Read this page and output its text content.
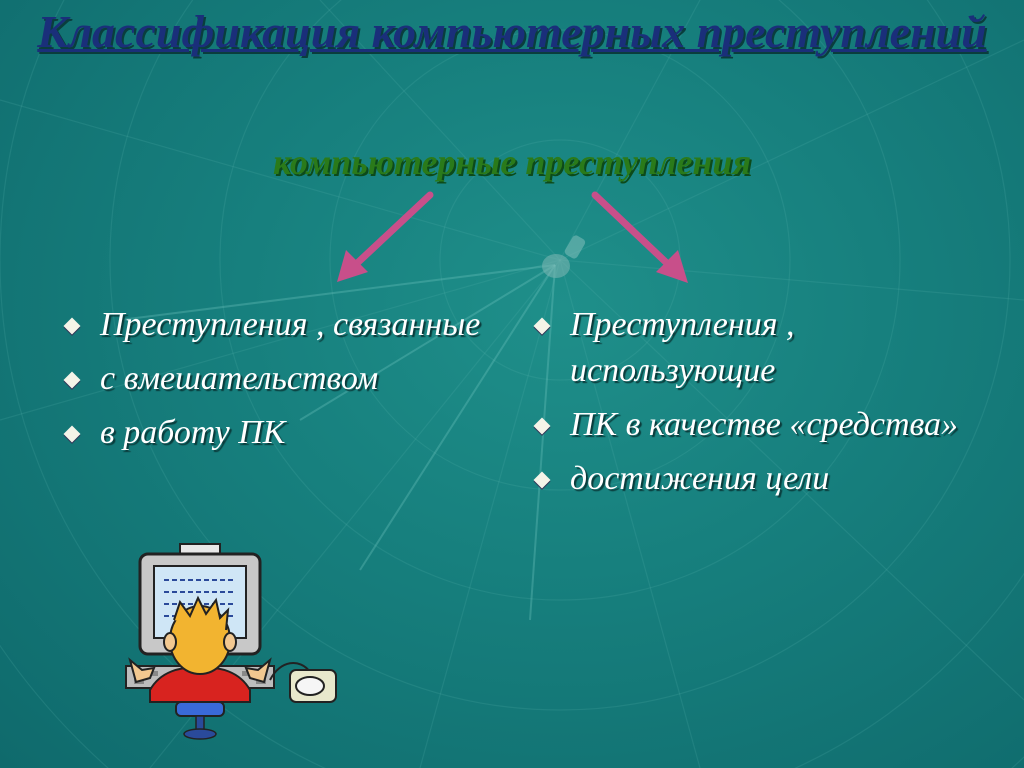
Классификация компьютерных преступлений
компьютерные преступления
Преступления , связанные
с вмешательством
в работу ПК
Преступления , использующие
ПК в качестве «средства»
достижения цели
